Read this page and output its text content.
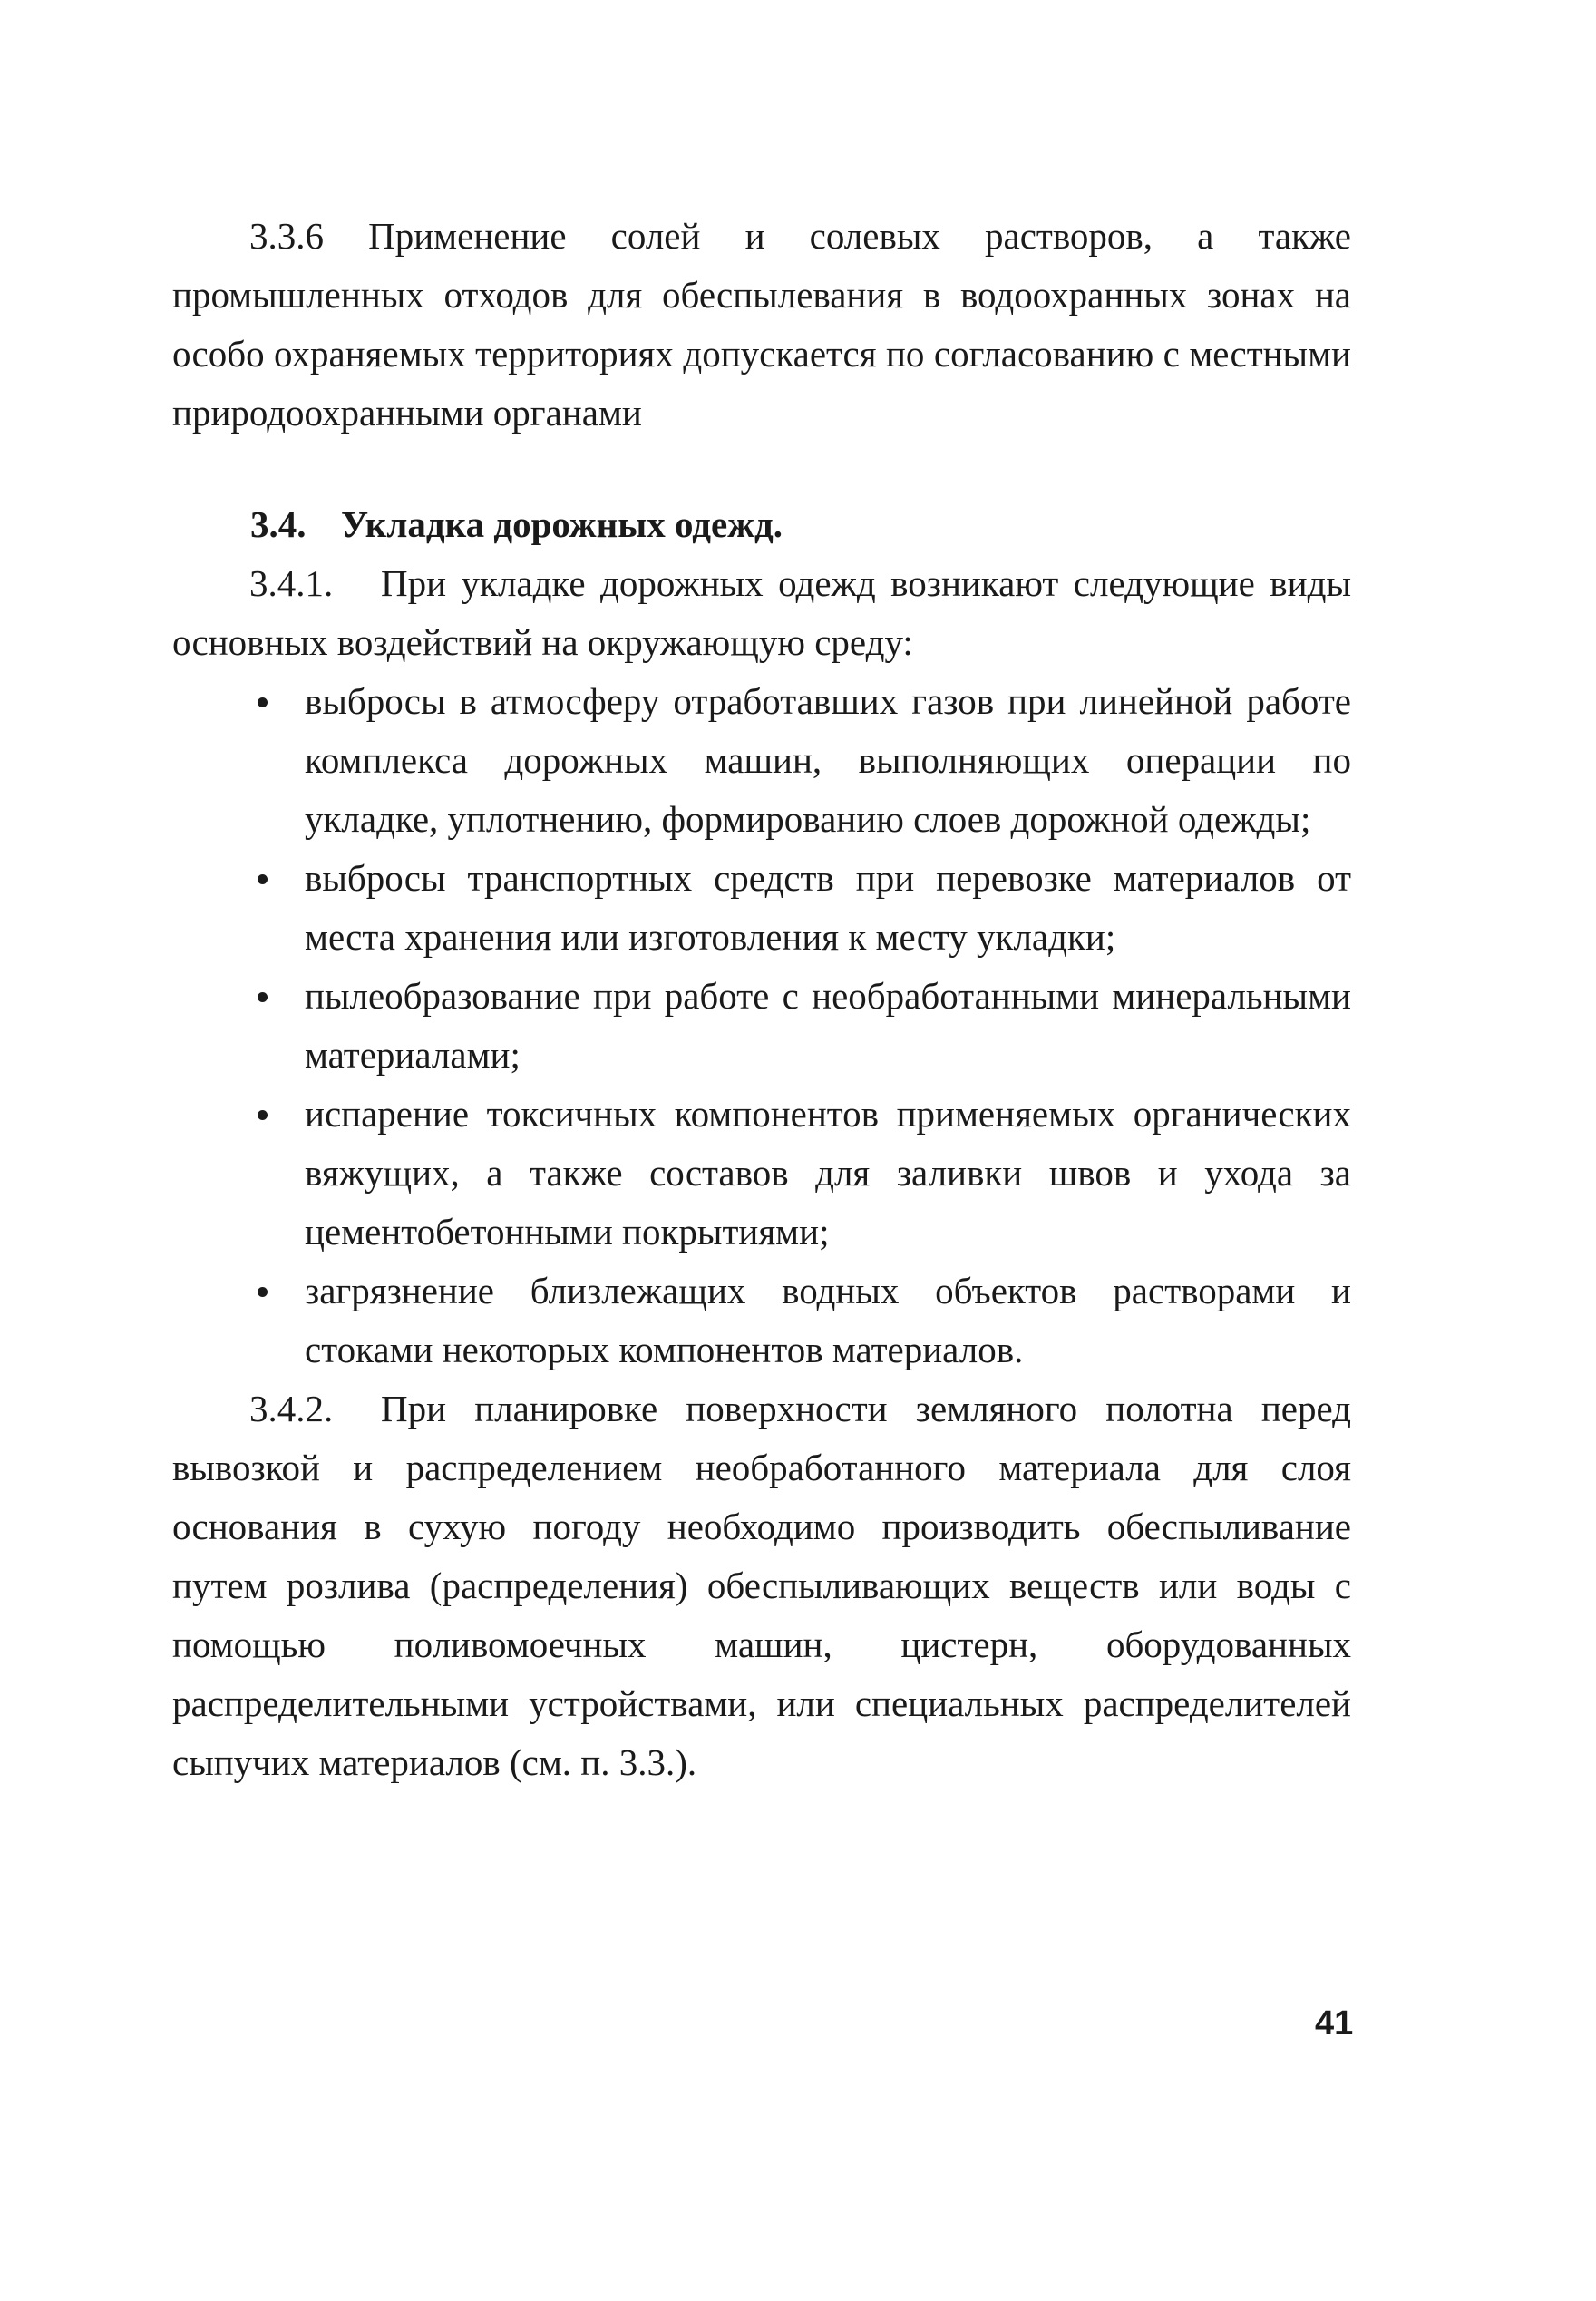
3.3.6 Применение солей и солевых растворов, а также промышленных отходов для обеспылевания в водоохранных зонах на особо охраняемых территориях допускается по согласованию с местными природоохранными органами

3.4. Укладка дорожных одежд.

3.4.1. При укладке дорожных одежд возникают следующие виды основных воздействий на окружающую среду:

выбросы в атмосферу отработавших газов при линейной работе комплекса дорожных машин, выполняющих операции по укладке, уплотнению, формированию слоев дорожной одежды;
выбросы транспортных средств при перевозке материалов от места хранения или изготовления к месту укладки;
пылеобразование при работе с необработанными минеральными материалами;
испарение токсичных компонентов применяемых органических вяжущих, а также составов для заливки швов и ухода за цементобетонными покрытиями;
загрязнение близлежащих водных объектов растворами и стоками некоторых компонентов материалов.

3.4.2. При планировке поверхности земляного полотна перед вывозкой и распределением необработанного материала для слоя основания в сухую погоду необходимо производить обеспыливание путем розлива (распределения) обеспыливающих веществ или воды с помощью поливомоечных машин, цистерн, оборудованных распределительными устройствами, или специальных распределителей сыпучих материалов (см. п. 3.3.).

41
